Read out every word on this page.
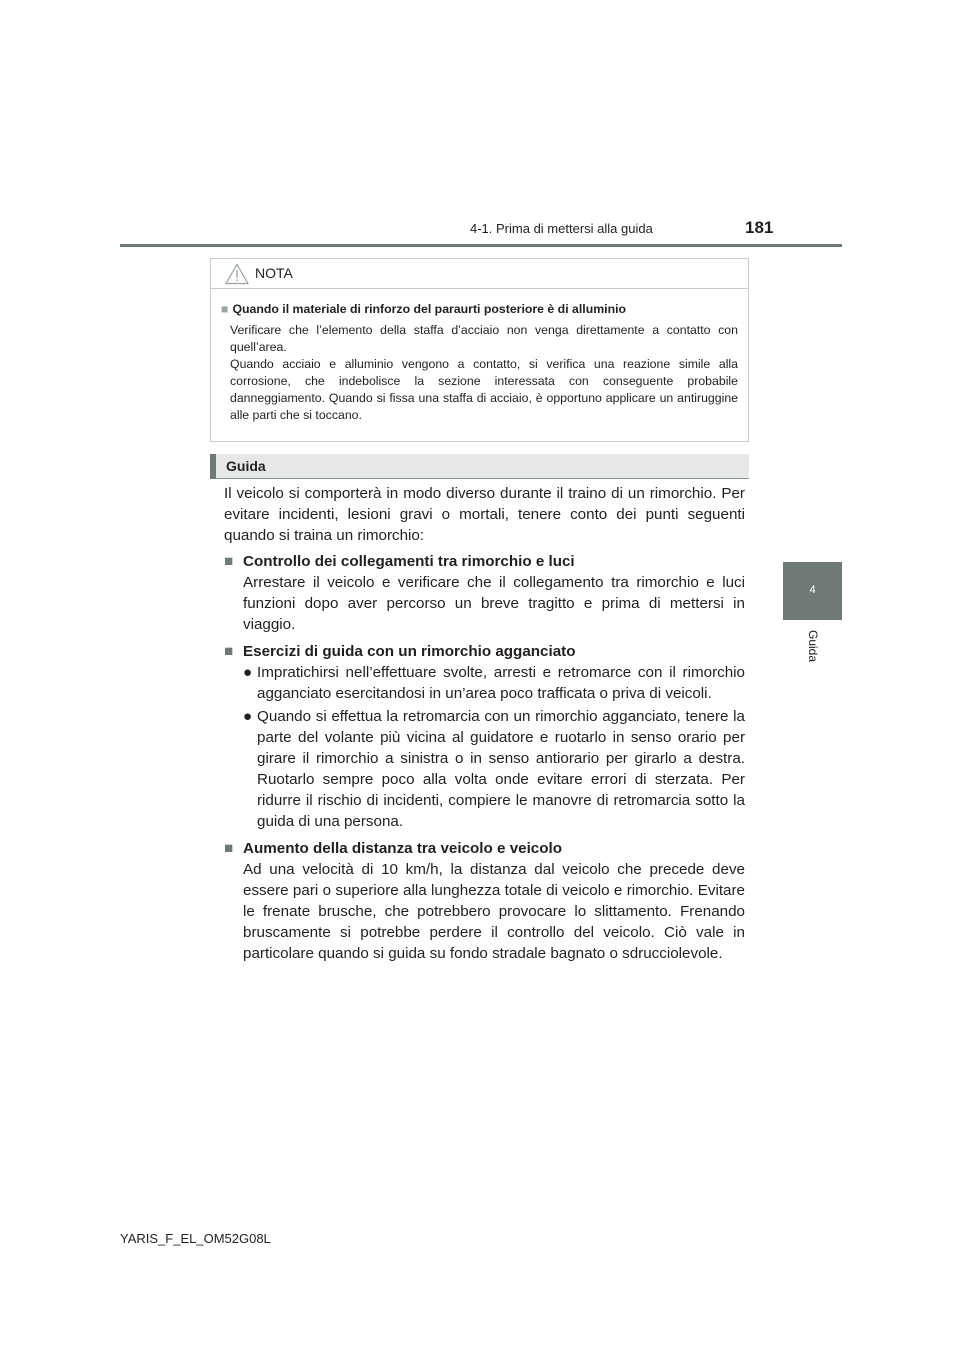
4-1. Prima di mettersi alla guida	181
4
Guida
NOTA
■ Quando il materiale di rinforzo del paraurti posteriore è di alluminio

Verificare che l’elemento della staffa d’acciaio non venga direttamente a contatto con quell’area.

Quando acciaio e alluminio vengono a contatto, si verifica una reazione simile alla corrosione, che indebolisce la sezione interessata con conseguente probabile danneggiamento. Quando si fissa una staffa di acciaio, è opportuno applicare un antiruggine alle parti che si toccano.

Guida

Il veicolo si comporterà in modo diverso durante il traino di un rimorchio. Per evitare incidenti, lesioni gravi o mortali, tenere conto dei punti seguenti quando si traina un rimorchio:

■ Controllo dei collegamenti tra rimorchio e luci

Arrestare il veicolo e verificare che il collegamento tra rimorchio e luci funzioni dopo aver percorso un breve tragitto e prima di mettersi in viaggio.

■ Esercizi di guida con un rimorchio agganciato

● Impratichirsi nell’effettuare svolte, arresti e retromarce con il rimorchio agganciato esercitandosi in un’area poco trafficata o priva di veicoli.

● Quando si effettua la retromarcia con un rimorchio agganciato, tenere la parte del volante più vicina al guidatore e ruotarlo in senso orario per girare il rimorchio a sinistra o in senso antiorario per girarlo a destra. Ruotarlo sempre poco alla volta onde evitare errori di sterzata. Per ridurre il rischio di incidenti, compiere le manovre di retromarcia sotto la guida di una persona.

■ Aumento della distanza tra veicolo e veicolo

Ad una velocità di 10 km/h, la distanza dal veicolo che precede deve essere pari o superiore alla lunghezza totale di veicolo e rimorchio. Evitare le frenate brusche, che potrebbero provocare lo slittamento. Frenando bruscamente si potrebbe perdere il controllo del veicolo. Ciò vale in particolare quando si guida su fondo stradale bagnato o sdrucciolevole.

YARIS_F_EL_OM52G08L
